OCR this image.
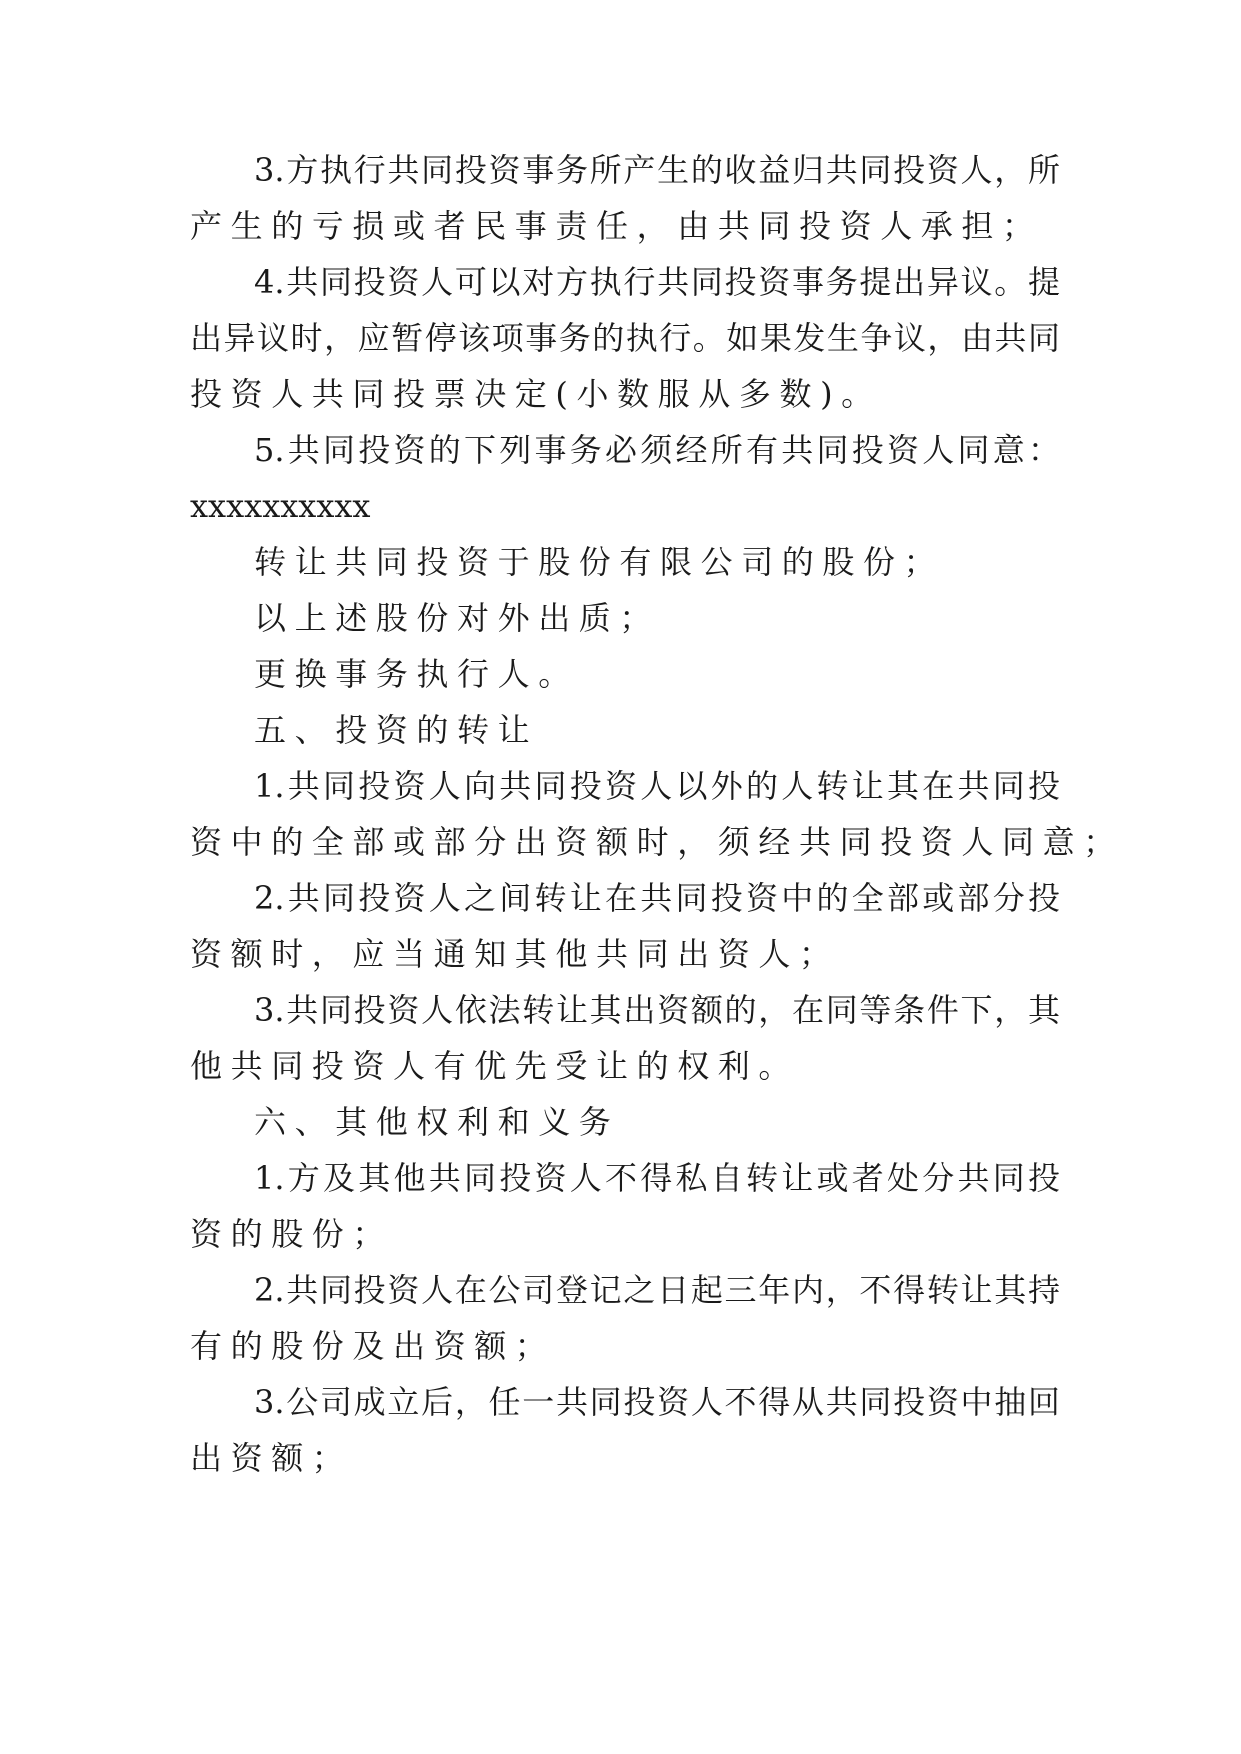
3.方执行共同投资事务所产生的收益归共同投资人，所
产生的亏损或者民事责任，由共同投资人承担；
4.共同投资人可以对方执行共同投资事务提出异议。提
出异议时，应暂停该项事务的执行。如果发生争议，由共同
投资人共同投票决定(小数服从多数)。
5.共同投资的下列事务必须经所有共同投资人同意：
xxxxxxxxxx
转让共同投资于股份有限公司的股份；
以上述股份对外出质；
更换事务执行人。
五、投资的转让
1.共同投资人向共同投资人以外的人转让其在共同投
资中的全部或部分出资额时，须经共同投资人同意；
2.共同投资人之间转让在共同投资中的全部或部分投
资额时，应当通知其他共同出资人；
3.共同投资人依法转让其出资额的，在同等条件下，其
他共同投资人有优先受让的权利。
六、其他权利和义务
1.方及其他共同投资人不得私自转让或者处分共同投
资的股份；
2.共同投资人在公司登记之日起三年内，不得转让其持
有的股份及出资额；
3.公司成立后，任一共同投资人不得从共同投资中抽回
出资额；
